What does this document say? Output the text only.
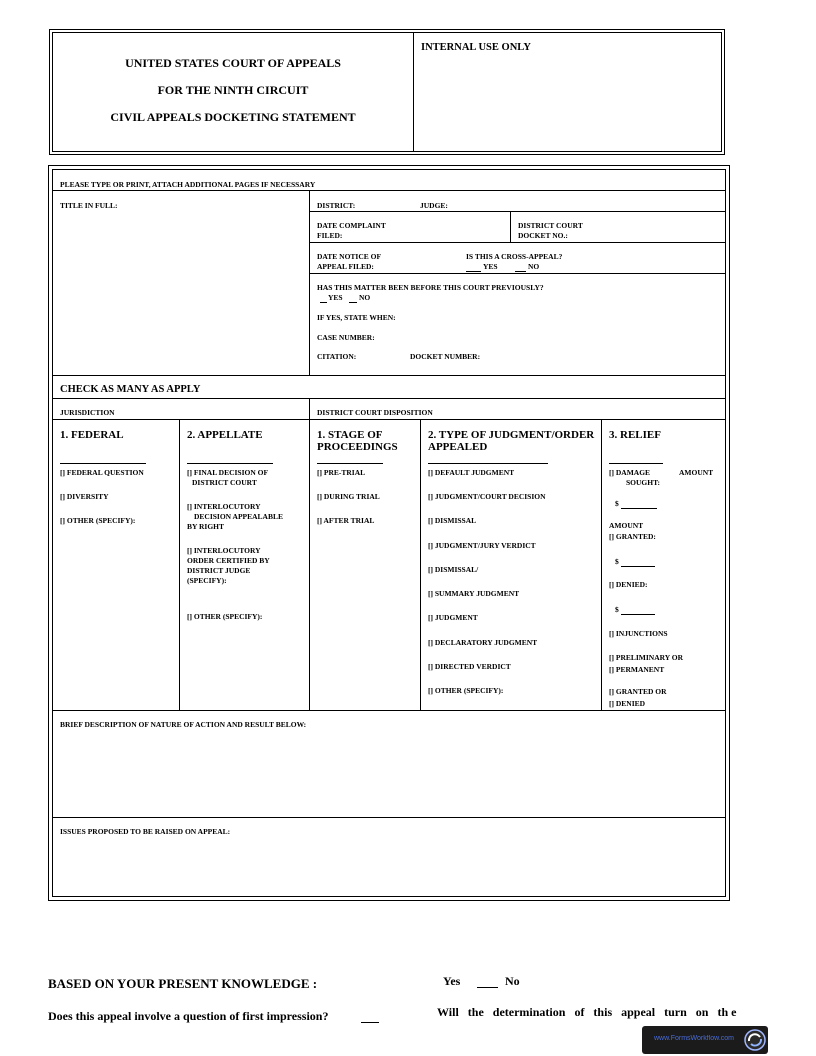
UNITED STATES COURT OF APPEALS
FOR THE NINTH CIRCUIT
CIVIL APPEALS DOCKETING STATEMENT
INTERNAL USE ONLY
PLEASE TYPE OR PRINT, ATTACH ADDITIONAL PAGES IF NECESSARY
TITLE IN FULL:	DISTRICT:	JUDGE:
DATE COMPLAINT
FILED:
DISTRICT COURT
DOCKET NO.:
DATE NOTICE OF
APPEAL FILED:
IS THIS A CROSS-APPEAL?
YES	NO
HAS THIS MATTER BEEN BEFORE THIS COURT PREVIOUSLY?
YES NO
IF YES, STATE WHEN:
CASE NUMBER:
CITATION:	DOCKET NUMBER:
CHECK AS MANY AS APPLY
JURISDICTION	DISTRICT COURT DISPOSITION
1. FEDERAL
[] FEDERAL QUESTION
[] DIVERSITY
[] OTHER (SPECIFY):
2. APPELLATE
[] FINAL DECISION OF
DISTRICT COURT
[] INTERLOCUTORY
DECISION APPEALABLE
BY RIGHT
[] INTERLOCUTORY
ORDER CERTIFIED BY
DISTRICT JUDGE
(SPECIFY):
[] OTHER (SPECIFY):
1. STAGE OF
PROCEEDINGS
[] PRE-TRIAL
[] DURING TRIAL
[] AFTER TRIAL
2. TYPE OF JUDGMENT/ORDER
APPEALED
[] DEFAULT JUDGMENT
[] JUDGMENT/COURT DECISION
[] DISMISSAL
[] JUDGMENT/JURY VERDICT
[] DISMISSAL/
[] SUMMARY JUDGMENT
[] JUDGMENT
[] DECLARATORY JUDGMENT
[] DIRECTED VERDICT
[] OTHER (SPECIFY):
3. RELIEF
[] DAMAGE	AMOUNT
SOUGHT:
$
AMOUNT
[] GRANTED:
$
[] DENIED:
$
[] INJUNCTIONS
[] PRELIMINARY OR
[] PERMANENT
[] GRANTED OR
[] DENIED
BRIEF DESCRIPTION OF NATURE OF ACTION AND RESULT BELOW:
ISSUES PROPOSED TO BE RAISED ON APPEAL:
BASED ON YOUR PRESENT KNOWLEDGE :	Yes	No
Does this appeal involve a question of first impression?	Will   the   determination   of   this   appeal   turn   on   th e
www.FormsWorkflow.com
